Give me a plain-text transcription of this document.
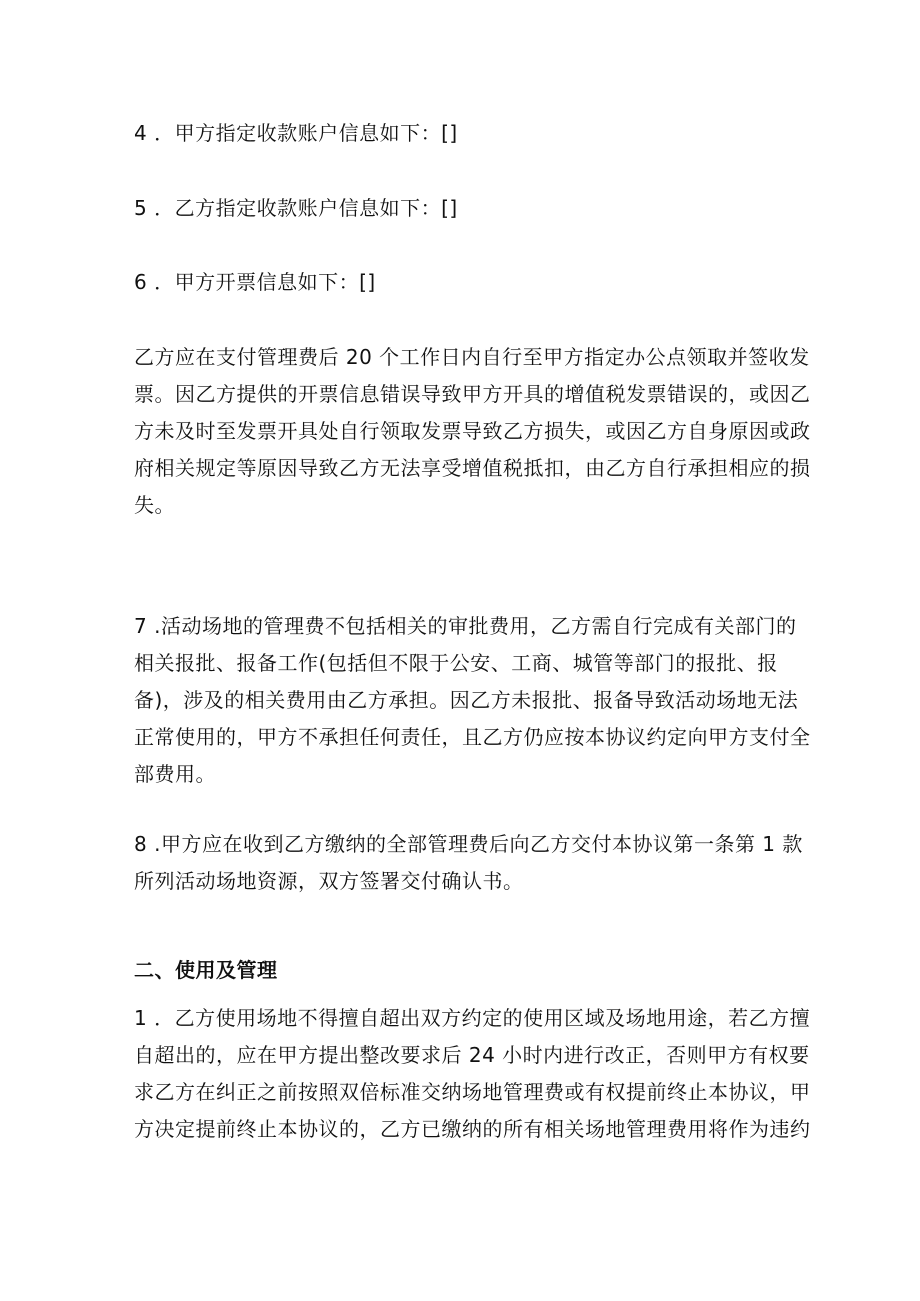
4 ．甲方指定收款账户信息如下：[]

5 ．乙方指定收款账户信息如下：[]

6 ．甲方开票信息如下：[]

乙方应在支付管理费后 20 个工作日内自行至甲方指定办公点领取并签收发票。因乙方提供的开票信息错误导致甲方开具的增值税发票错误的，或因乙方未及时至发票开具处自行领取发票导致乙方损失，或因乙方自身原因或政府相关规定等原因导致乙方无法享受增值税抵扣，由乙方自行承担相应的损失。

7 .活动场地的管理费不包括相关的审批费用，乙方需自行完成有关部门的相关报批、报备工作(包括但不限于公安、工商、城管等部门的报批、报备)，涉及的相关费用由乙方承担。因乙方未报批、报备导致活动场地无法正常使用的，甲方不承担任何责任，且乙方仍应按本协议约定向甲方支付全部费用。

8 .甲方应在收到乙方缴纳的全部管理费后向乙方交付本协议第一条第 1 款所列活动场地资源，双方签署交付确认书。

二、使用及管理

1 ．乙方使用场地不得擅自超出双方约定的使用区域及场地用途，若乙方擅自超出的，应在甲方提出整改要求后 24 小时内进行改正，否则甲方有权要求乙方在纠正之前按照双倍标准交纳场地管理费或有权提前终止本协议，甲方决定提前终止本协议的，乙方已缴纳的所有相关场地管理费用将作为违约
